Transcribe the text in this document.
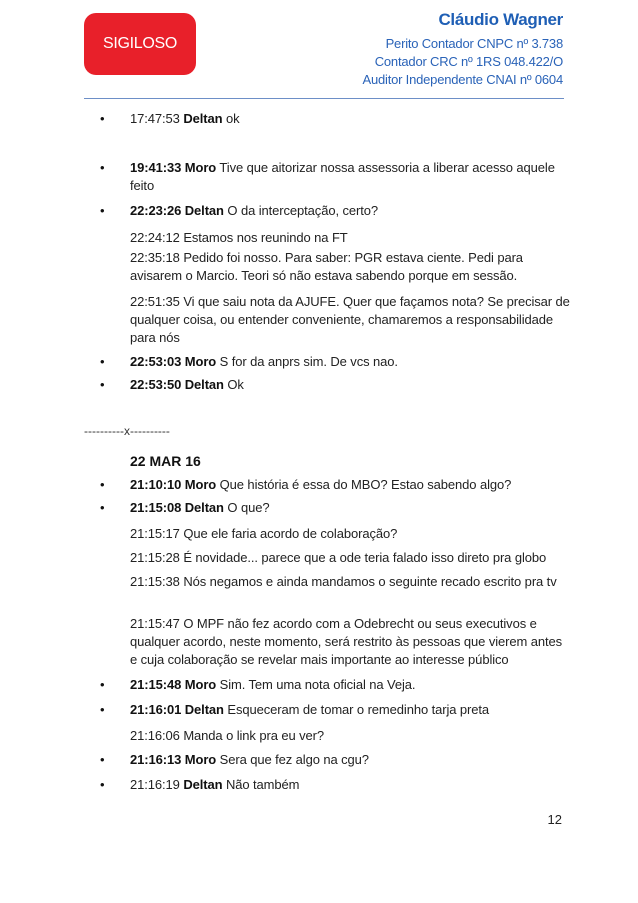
SIGILOSO
Cláudio Wagner
Perito Contador CNPC nº 3.738
Contador CRC nº 1RS 048.422/O
Auditor Independente CNAI nº 0604
• 17:47:53 Deltan ok
• 19:41:33 Moro Tive que aitorizar nossa assessoria a liberar acesso aquele feito
• 22:23:26 Deltan O da interceptação, certo?
22:24:12 Estamos nos reunindo na FT
22:35:18 Pedido foi nosso. Para saber: PGR estava ciente. Pedi para avisarem o Marcio. Teori só não estava sabendo porque em sessão.
22:51:35 Vi que saiu nota da AJUFE. Quer que façamos nota? Se precisar de qualquer coisa, ou entender conveniente, chamaremos a responsabilidade para nós
• 22:53:03 Moro S for da anprs sim. De vcs nao.
• 22:53:50 Deltan Ok
----------x----------
22 MAR 16
• 21:10:10 Moro Que história é essa do MBO? Estao sabendo algo?
• 21:15:08 Deltan O que?
21:15:17 Que ele faria acordo de colaboração?
21:15:28 É novidade... parece que a ode teria falado isso direto pra globo
21:15:38 Nós negamos e ainda mandamos o seguinte recado escrito pra tv
21:15:47 O MPF não fez acordo com a Odebrecht ou seus executivos e qualquer acordo, neste momento, será restrito às pessoas que vierem antes e cuja colaboração se revelar mais importante ao interesse público
• 21:15:48 Moro Sim. Tem uma nota oficial na Veja.
• 21:16:01 Deltan Esqueceram de tomar o remedinho tarja preta
21:16:06 Manda o link pra eu ver?
• 21:16:13 Moro Sera que fez algo na cgu?
• 21:16:19 Deltan Não também
12
